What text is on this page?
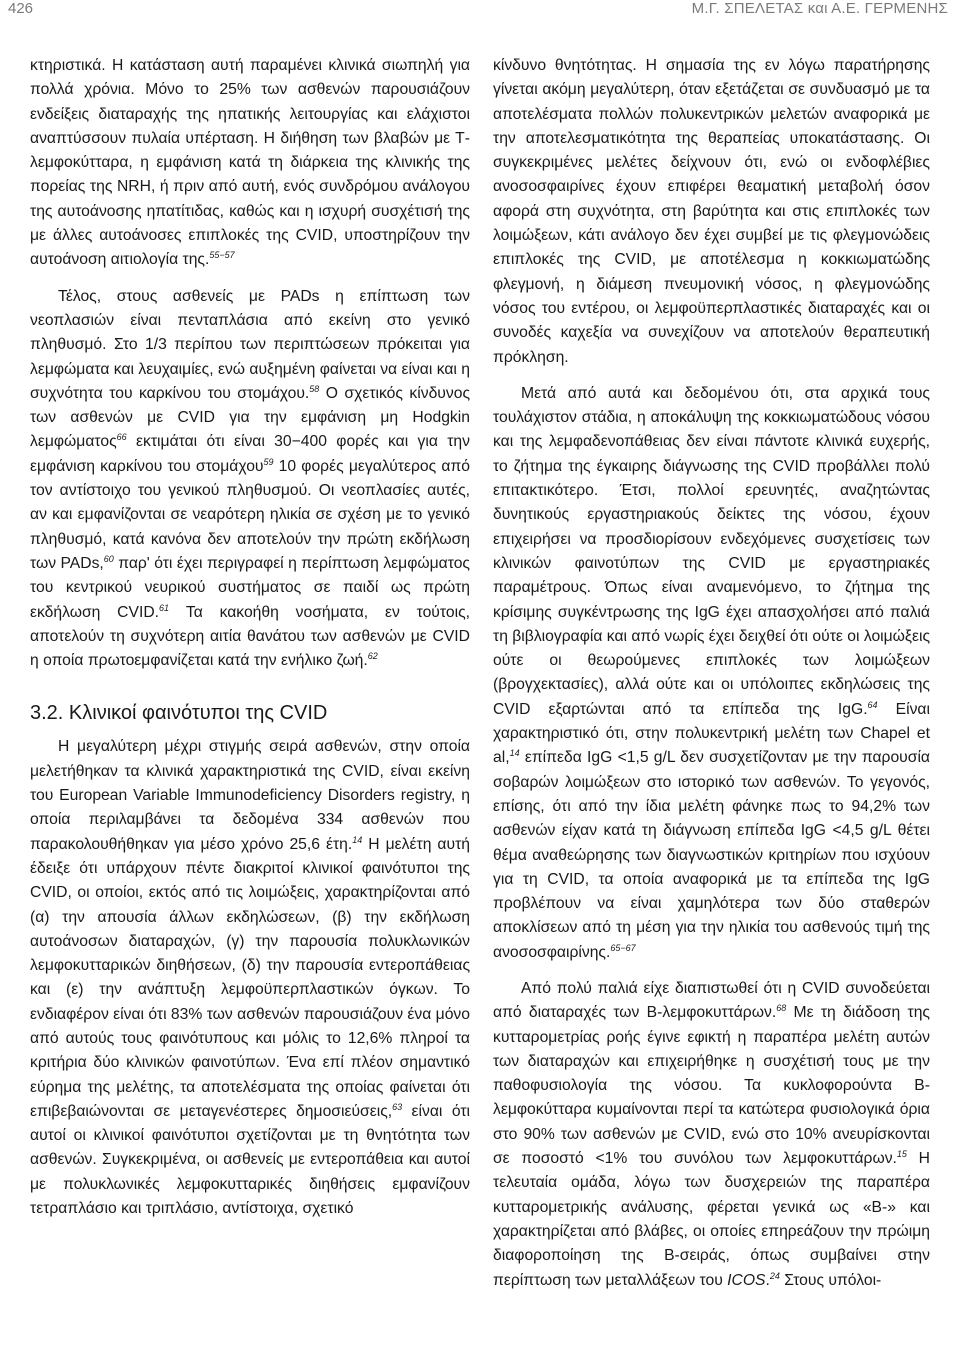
426	Μ.Γ. ΣΠΕΛΕΤΑΣ και Α.Ε. ΓΕΡΜΕΝΗΣ

κτηριστικά. Η κατάσταση αυτή παραμένει κλινικά σιωπηλή για πολλά χρόνια. Μόνο το 25% των ασθενών παρουσιάζουν ενδείξεις διαταραχής της ηπατικής λειτουργίας και ελάχιστοι αναπτύσσουν πυλαία υπέρταση. Η διήθηση των βλαβών με Τ-λεμφοκύτταρα, η εμφάνιση κατά τη διάρκεια της κλινικής της πορείας της NRH, ή πριν από αυτή, ενός συνδρόμου ανάλογου της αυτοάνοσης ηπατίτιδας, καθώς και η ισχυρή συσχέτισή της με άλλες αυτοάνοσες επιπλοκές της CVID, υποστηρίζουν την αυτοάνοση αιτιολογία της.$^{55-57}$

Τέλος, στους ασθενείς με PADs η επίπτωση των νεοπλασιών είναι πενταπλάσια από εκείνη στο γενικό πληθυσμό. Στο 1/3 περίπου των περιπτώσεων πρόκειται για λεμφώματα και λευχαιμίες, ενώ αυξημένη φαίνεται να είναι και η συχνότητα του καρκίνου του στομάχου.$^{58}$ Ο σχετικός κίνδυνος των ασθενών με CVID για την εμφάνιση μη Hodgkin λεμφώματος$^{66}$ εκτιμάται ότι είναι 30−400 φορές και για την εμφάνιση καρκίνου του στομάχου$^{59}$ 10 φορές μεγαλύτερος από τον αντίστοιχο του γενικού πληθυσμού. Οι νεοπλασίες αυτές, αν και εμφανίζονται σε νεαρότερη ηλικία σε σχέση με το γενικό πληθυσμό, κατά κανόνα δεν αποτελούν την πρώτη εκδήλωση των PADs,$^{60}$ παρ' ότι έχει περιγραφεί η περίπτωση λεμφώματος του κεντρικού νευρικού συστήματος σε παιδί ως πρώτη εκδήλωση CVID.$^{61}$ Τα κακοήθη νοσήματα, εν τούτοις, αποτελούν τη συχνότερη αιτία θανάτου των ασθενών με CVID η οποία πρωτοεμφανίζεται κατά την ενήλικο ζωή.$^{62}$

3.2. Κλινικοί φαινότυποι της CVID

Η μεγαλύτερη μέχρι στιγμής σειρά ασθενών, στην οποία μελετήθηκαν τα κλινικά χαρακτηριστικά της CVID, είναι εκείνη του European Variable Immunodeficiency Disorders registry, η οποία περιλαμβάνει τα δεδομένα 334 ασθενών που παρακολουθήθηκαν για μέσο χρόνο 25,6 έτη.$^{14}$ Η μελέτη αυτή έδειξε ότι υπάρχουν πέντε διακριτοί κλινικοί φαινότυποι της CVID, οι οποίοι, εκτός από τις λοιμώξεις, χαρακτηρίζονται από (α) την απουσία άλλων εκδηλώσεων, (β) την εκδήλωση αυτοάνοσων διαταραχών, (γ) την παρουσία πολυκλωνικών λεμφοκυτταρικών διηθήσεων, (δ) την παρουσία εντεροπάθειας και (ε) την ανάπτυξη λεμφοϋπερπλαστικών όγκων. Το ενδιαφέρον είναι ότι 83% των ασθενών παρουσιάζουν ένα μόνο από αυτούς τους φαινότυπους και μόλις το 12,6% πληροί τα κριτήρια δύο κλινικών φαινοτύπων. Ένα επί πλέον σημαντικό εύρημα της μελέτης, τα αποτελέσματα της οποίας φαίνεται ότι επιβεβαιώνονται σε μεταγενέστερες δημοσιεύσεις,$^{63}$ είναι ότι αυτοί οι κλινικοί φαινότυποι σχετίζονται με τη θνητότητα των ασθενών. Συγκεκριμένα, οι ασθενείς με εντεροπάθεια και αυτοί με πολυκλωνικές λεμφοκυτταρικές διηθήσεις εμφανίζουν τετραπλάσιο και τριπλάσιο, αντίστοιχα, σχετικό

κίνδυνο θνητότητας. Η σημασία της εν λόγω παρατήρησης γίνεται ακόμη μεγαλύτερη, όταν εξετάζεται σε συνδυασμό με τα αποτελέσματα πολλών πολυκεντρικών μελετών αναφορικά με την αποτελεσματικότητα της θεραπείας υποκατάστασης. Οι συγκεκριμένες μελέτες δείχνουν ότι, ενώ οι ενδοφλέβιες ανοσοσφαιρίνες έχουν επιφέρει θεαματική μεταβολή όσον αφορά στη συχνότητα, στη βαρύτητα και στις επιπλοκές των λοιμώξεων, κάτι ανάλογο δεν έχει συμβεί με τις φλεγμονώδεις επιπλοκές της CVID, με αποτέλεσμα η κοκκιωματώδης φλεγμονή, η διάμεση πνευμονική νόσος, η φλεγμονώδης νόσος του εντέρου, οι λεμφοϋπερπλαστικές διαταραχές και οι συνοδές καχεξία να συνεχίζουν να αποτελούν θεραπευτική πρόκληση.

Μετά από αυτά και δεδομένου ότι, στα αρχικά τους τουλάχιστον στάδια, η αποκάλυψη της κοκκιωματώδους νόσου και της λεμφαδενοπάθειας δεν είναι πάντοτε κλινικά ευχερής, το ζήτημα της έγκαιρης διάγνωσης της CVID προβάλλει πολύ επιτακτικότερο. Έτσι, πολλοί ερευνητές, αναζητώντας δυνητικούς εργαστηριακούς δείκτες της νόσου, έχουν επιχειρήσει να προσδιορίσουν ενδεχόμενες συσχετίσεις των κλινικών φαινοτύπων της CVID με εργαστηριακές παραμέτρους. Όπως είναι αναμενόμενο, το ζήτημα της κρίσιμης συγκέντρωσης της IgG έχει απασχολήσει από παλιά τη βιβλιογραφία και από νωρίς έχει δειχθεί ότι ούτε οι λοιμώξεις ούτε οι θεωρούμενες επιπλοκές των λοιμώξεων (βρογχεκτασίες), αλλά ούτε και οι υπόλοιπες εκδηλώσεις της CVID εξαρτώνται από τα επίπεδα της IgG.$^{64}$ Είναι χαρακτηριστικό ότι, στην πολυκεντρική μελέτη των Chapel et al,$^{14}$ επίπεδα IgG <1,5 g/L δεν συσχετίζονταν με την παρουσία σοβαρών λοιμώξεων στο ιστορικό των ασθενών. Το γεγονός, επίσης, ότι από την ίδια μελέτη φάνηκε πως το 94,2% των ασθενών είχαν κατά τη διάγνωση επίπεδα IgG <4,5 g/L θέτει θέμα αναθεώρησης των διαγνωστικών κριτηρίων που ισχύουν για τη CVID, τα οποία αναφορικά με τα επίπεδα της IgG προβλέπουν να είναι χαμηλότερα των δύο σταθερών αποκλίσεων από τη μέση για την ηλικία του ασθενούς τιμή της ανοσοσφαιρίνης.$^{65-67}$

Από πολύ παλιά είχε διαπιστωθεί ότι η CVID συνοδεύεται από διαταραχές των Β-λεμφοκυττάρων.$^{68}$ Με τη διάδοση της κυτταρομετρίας ροής έγινε εφικτή η παραπέρα μελέτη αυτών των διαταραχών και επιχειρήθηκε η συσχέτισή τους με την παθοφυσιολογία της νόσου. Τα κυκλοφορούντα Β-λεμφοκύτταρα κυμαίνονται περί τα κατώτερα φυσιολογικά όρια στο 90% των ασθενών με CVID, ενώ στο 10% ανευρίσκονται σε ποσοστό <1% του συνόλου των λεμφοκυττάρων.$^{15}$ Η τελευταία ομάδα, λόγω των δυσχερειών της παραπέρα κυτταρομετρικής ανάλυσης, φέρεται γενικά ως «Β-» και χαρακτηρίζεται από βλάβες, οι οποίες επηρεάζουν την πρώιμη διαφοροποίηση της Β-σειράς, όπως συμβαίνει στην περίπτωση των μεταλλάξεων του ICOS.$^{24}$ Στους υπόλοι-
